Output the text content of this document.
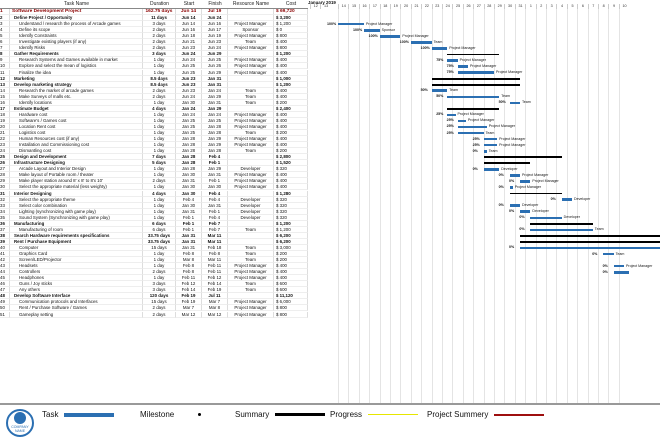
Task Name	Duration	Start	Finish	Resource Name	Cost
1	Software Development Project	162.75 days	Jun 14	Jul 19	$ 69,720
2	Define Project / Opportunity	11 days	Jun 14	Jun 24	$ 3,200
3	Understand / research the process of Arcade games	3 days	Jun 14	Jun 16	Project Manager	$ 1,200
4	Define its scope	2 days	Jun 16	Jun 17	Sponsor	$ 0
5	Identify Constraints	2 days	Jun 18	Jun 19	Project Manager	$ 800
6	Investigate existing players (if any)	2 days	Jun 21	Jun 23	Team	$ 400
7	Identify Risks	2 days	Jun 23	Jun 24	Project Manager	$ 800
8	Gather Requirements	3 days	Jun 24	Jun 29	$ 1,200
9	Research Systems and Games available in market	1 day	Jun 24	Jun 25	Project Manager	$ 400
10	Explore and select the mean of logistics	1 day	Jun 25	Jun 26	Project Manager	$ 400
11	Finalize the idea	1 day	Jun 25	Jun 29	Project Manager	$ 400
12	Marketing	8.5 days	Jun 23	Jan 31	$ 1,000
13	Develop marketing strategy	8.5 days	Jun 23	Jan 31	$ 1,200
14	Research the market of arcade games	2 days	Jun 23	Jan 24	Team	$ 400
15	Make Surveys of malls etc.	2 days	Jun 24	Jan 29	Team	$ 400
16	Identify locations	1 day	Jan 30	Jan 31	Team	$ 200
17	Estimate Budget	4 days	Jan 24	Jan 29	$ 2,400
18	Hardware cost	1 day	Jan 24	Jan 24	Project Manager	$ 400
19	Software's / Games cost	1 day	Jan 25	Jan 25	Project Manager	$ 400
20	Location Rent cost	1 day	Jan 25	Jan 28	Project Manager	$ 400
21	Logistics cost	1 day	Jan 25	Jan 28	Team	$ 200
22	Human Resources cost (if any)	1 day	Jan 28	Jan 29	Project Manager	$ 400
23	Installation and Commissioning cost	1 day	Jan 28	Jan 29	Project Manager	$ 400
24	Dismantling cost	1 day	Jan 28	Jan 28	Team	$ 200
25	Design and Development	7 days	Jan 28	Feb 4	$ 2,800
26	Infrastructure Designing	5 days	Jan 28	Feb 1	$ 1,520
27	Arcade Layout and Interior Design	1 day	Jan 28	Jan 29	Developer	$ 320
28	Make layout of Portable room / theater	1 day	Jan 30	Jan 31	Project Manager	$ 400
29	Make player station around 8' x 8' to 8'x 10'	2 days	Jan 31	Feb 1	Project Manager	$ 400
30	Select the appropriate material (less weighty)	1 day	Jan 30	Jan 30	Project Manager	$ 400
31	Interior Designing	4 days	Jan 30	Feb 4	$ 1,280
32	Select the appropriate theme	1 day	Feb 4	Feb 4	Developer	$ 320
33	Select color combination	1 day	Jan 30	Jan 31	Developer	$ 320
34	Lighting (synchronizing with game play)	1 day	Jan 31	Feb 1	Developer	$ 320
35	Sound System (Synchronizing with game play)	1 day	Feb 1	Feb 4	Developer	$ 320
36	Manufacturing	6 days	Feb 1	Feb 7	$ 1,200
37	Manufacturing of room	6 days	Feb 1	Feb 7	Team	$ 1,200
38	Search Hardware requirements specifications	33.75 days	Jan 31	Mar 11	$ 6,200
39	Rent / Purchase Equipment	33.75 days	Jan 31	Mar 11	$ 6,200
40	Computer	15 days	Jan 31	Feb 18	Team	$ 3,000
41	Graphics Card	1 day	Feb 8	Feb 8	Team	$ 200
42	Screen/LED/Projector	1 day	Mar 8	Mar 11	Team	$ 200
43	Headsets	1 day	Feb 8	Feb 11	Project Manager	$ 400
44	Controllers	2 days	Feb 8	Feb 11	Project Manager	$ 400
45	Headphones	1 day	Feb 11	Feb 12	Project Manager	$ 400
46	Guns / Joy sticks	3 days	Feb 12	Feb 14	Team	$ 600
47	Any others	3 days	Feb 14	Feb 19	Team	$ 600
48	Develop Software Interface	120 days	Feb 19	Jul 11	$ 11,120
49	Communication protocols and Interfaces	15 days	Feb 19	Mar 7	Project Manager	$ 6,000
50	Rent / Purchase Software / Games	2 days	Mar 7	Mar 8	Project Manager	$ 800
51	Gameplay setting	2 days	Mar 12	Mar 12	Project Manager	$ 800
January 2019
12	13	14	15	16	17	18	19	20	21	22	23	24	25	26	27	28	29	30	31	1	2	3	4	5	6	7	8	9	10
100%	Project Manager
100%	Sponsor
100%	Project Manager
100%	Team
100%	Project Manager
75%	Project Manager
75%	Project Manager
75%	Project Manager
50%	Team
50%	Team
50%	Team
25%	Project Manager
25%	Project Manager
25%	Project Manager
25%	Team
25%	Project Manager
25%	Project Manager
0%	Team
0%	Developer
0%	Project Manager
0%	Project Manager
0%	Project Manager
0%	Developer
0%	Developer
0%	Developer
0%	Developer
0%	Team
0%
0%	Team
0%	Project Manager
0%
COMPANY NAME
Task	Milestone	Summary	Progress	Project Summery
